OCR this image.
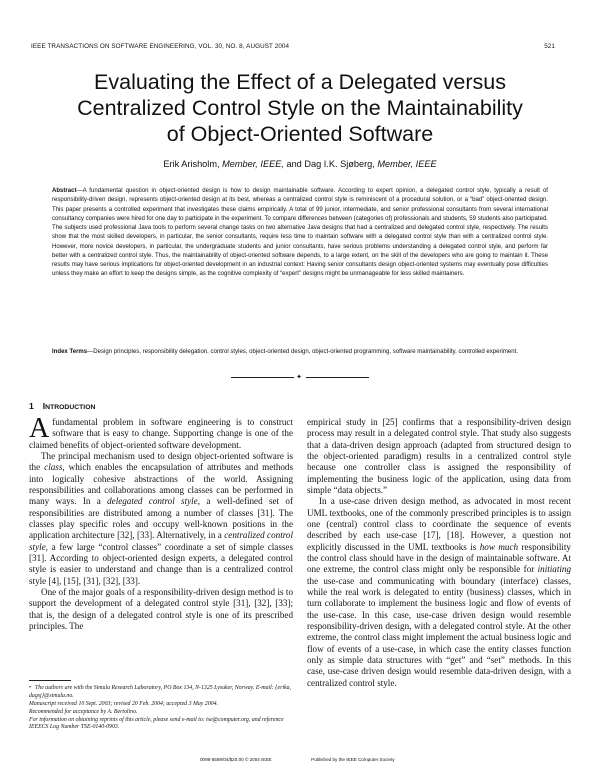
IEEE TRANSACTIONS ON SOFTWARE ENGINEERING, VOL. 30, NO. 8, AUGUST 2004	521
Evaluating the Effect of a Delegated versus
Centralized Control Style on the Maintainability
of Object-Oriented Software
Erik Arisholm, Member, IEEE, and Dag I.K. Sjøberg, Member, IEEE
Abstract—A fundamental question in object-oriented design is how to design maintainable software. According to expert opinion, a delegated control style, typically a result of responsibility-driven design, represents object-oriented design at its best, whereas a centralized control style is reminiscent of a procedural solution, or a “bad” object-oriented design. This paper presents a controlled experiment that investigates these claims empirically. A total of 99 junior, intermediate, and senior professional consultants from several international consultancy companies were hired for one day to participate in the experiment. To compare differences between (categories of) professionals and students, 59 students also participated. The subjects used professional Java tools to perform several change tasks on two alternative Java designs that had a centralized and delegated control style, respectively. The results show that the most skilled developers, in particular, the senior consultants, require less time to maintain software with a delegated control style than with a centralized control style. However, more novice developers, in particular, the undergraduate students and junior consultants, have serious problems understanding a delegated control style, and perform far better with a centralized control style. Thus, the maintainability of object-oriented software depends, to a large extent, on the skill of the developers who are going to maintain it. These results may have serious implications for object-oriented development in an industrial context: Having senior consultants design object-oriented systems may eventually pose difficulties unless they make an effort to keep the designs simple, as the cognitive complexity of “expert” designs might be unmanageable for less skilled maintainers.
Index Terms—Design principles, responsibility delegation, control styles, object-oriented design, object-oriented programming, software maintainability, controlled experiment.
✦
1 INTRODUCTION

Afundamental problem in software engineering is to construct software that is easy to change. Supporting change is one of the claimed benefits of object-oriented software development.

The principal mechanism used to design object-oriented software is the class, which enables the encapsulation of attributes and methods into logically cohesive abstractions of the world. Assigning responsibilities and collaborations among classes can be performed in many ways. In a delegated control style, a well-defined set of responsibilities are distributed among a number of classes [31]. The classes play specific roles and occupy well-known positions in the application architecture [32], [33]. Alternatively, in a centralized control style, a few large “control classes” coordinate a set of simple classes [31]. According to object-oriented design experts, a delegated control style is easier to understand and change than is a centralized control style [4], [15], [31], [32], [33].

One of the major goals of a responsibility-driven design method is to support the development of a delegated control style [31], [32], [33]; that is, the design of a delegated control style is one of its prescribed principles. The

empirical study in [25] confirms that a responsibility-driven design process may result in a delegated control style. That study also suggests that a data-driven design approach (adapted from structured design to the object-oriented paradigm) results in a centralized control style because one controller class is assigned the responsibility of implementing the business logic of the application, using data from simple “data objects.”

In a use-case driven design method, as advocated in most recent UML textbooks, one of the commonly prescribed principles is to assign one (central) control class to coordinate the sequence of events described by each use-case [17], [18]. However, a question not explicitly discussed in the UML textbooks is how much responsibility the control class should have in the design of maintainable software. At one extreme, the control class might only be responsible for initiating the use-case and communicating with boundary (interface) classes, while the real work is delegated to entity (business) classes, which in turn collaborate to implement the business logic and flow of events of the use-case. In this case, use-case driven design would resemble responsibility-driven design, with a delegated control style. At the other extreme, the control class might implement the actual business logic and flow of events of a use-case, in which case the entity classes function only as simple data structures with “get” and “set” methods. In this case, use-case driven design would resemble data-driven design, with a centralized control style.

• The authors are with the Simula Research Laboratory, PO Box 134, N-1325 Lysaker, Norway. E-mail: {erika, dagsj}@simula.no.

Manuscript received 10 Sept. 2003; revised 20 Feb. 2004; accepted 3 May 2004.

Recommended for acceptance by A. Bertolino.

For information on obtaining reprints of this article, please send e-mail to: tse@computer.org, and reference IEEECS Log Number TSE-0140-0903.

0098-5589/04/$20.00 © 2004 IEEE	Published by the IEEE Computer Society
